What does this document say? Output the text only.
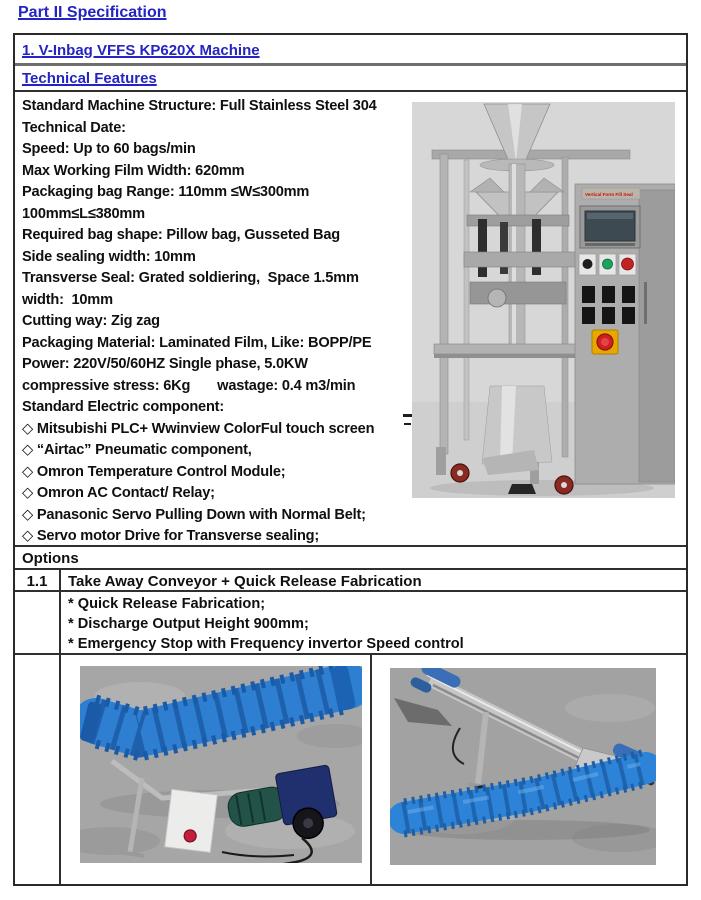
Part II Specification
1. V-Inbag VFFS KP620X Machine
Technical Features
Standard Machine Structure: Full Stainless Steel 304
Technical Date:
Speed: Up to 60 bags/min
Max Working Film Width: 620mm
Packaging bag Range: 110mm ≤W≤300mm
100mm≤L≤380mm
Required bag shape: Pillow bag, Gusseted Bag
Side sealing width: 10mm
Transverse Seal: Grated soldiering,  Space 1.5mm
width:  10mm
Cutting way: Zig zag
Packaging Material: Laminated Film, Like: BOPP/PE
Power: 220V/50/60HZ Single phase, 5.0KW
compressive stress: 6Kg       wastage: 0.4 m3/min
Standard Electric component:
◇ Mitsubishi PLC+ Wwinview ColorFul touch screen
◇ “Airtac” Pneumatic component,
◇ Omron Temperature Control Module;
◇ Omron AC Contact/ Relay;
◇ Panasonic Servo Pulling Down with Normal Belt;
◇ Servo motor Drive for Transverse sealing;
Vertical Form Fill Seal
Options
1.1	Take Away Conveyor + Quick Release Fabrication
* Quick Release Fabrication;
* Discharge Output Height 900mm;
* Emergency Stop with Frequency invertor Speed control
